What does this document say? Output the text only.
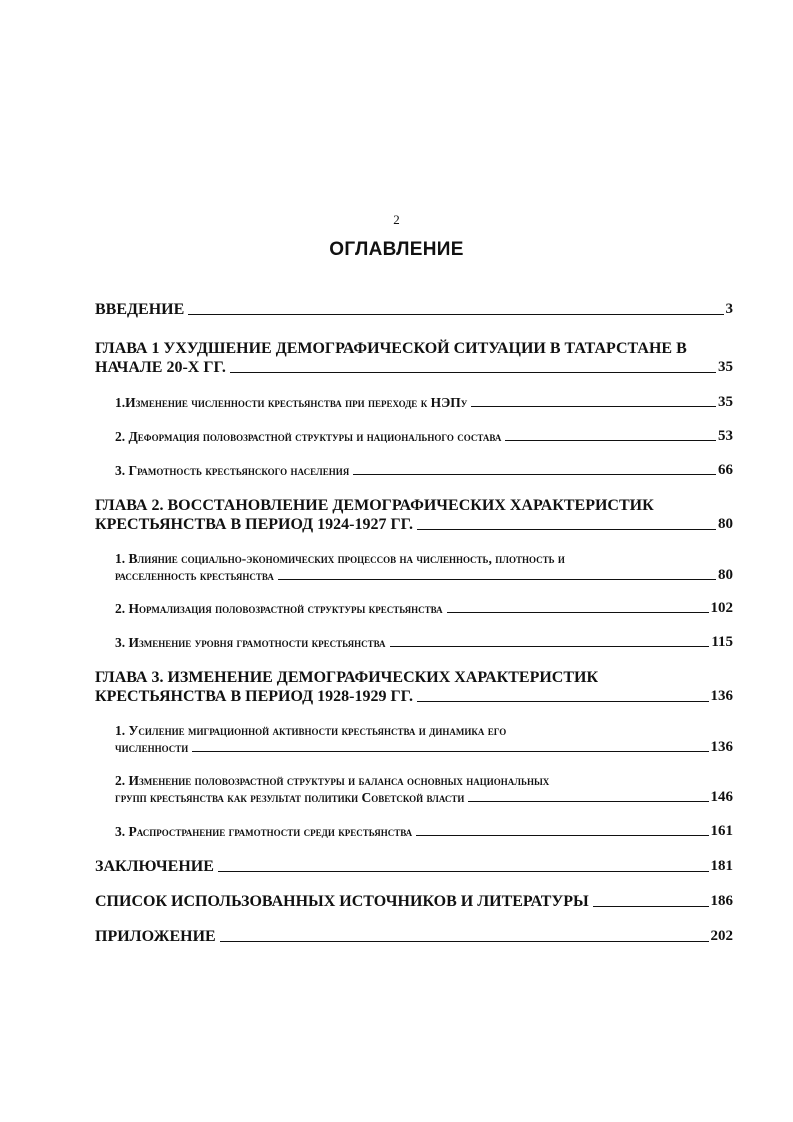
2
ОГЛАВЛЕНИЕ
ВВЕДЕНИЕ	3
ГЛАВА 1 УХУДШЕНИЕ ДЕМОГРАФИЧЕСКОЙ СИТУАЦИИ В ТАТАРСТАНЕ В
НАЧАЛЕ 20-Х ГГ.	35
1.Изменение численности крестьянства при переходе к НЭПу	35
2. Деформация половозрастной структуры и национального состава	53
3. Грамотность крестьянского населения	66
ГЛАВА 2. ВОССТАНОВЛЕНИЕ ДЕМОГРАФИЧЕСКИХ ХАРАКТЕРИСТИК
КРЕСТЬЯНСТВА В ПЕРИОД 1924-1927 ГГ.	80
1. Влияние социально-экономических процессов на численность, плотность и
расселенность крестьянства	80
2. Нормализация половозрастной структуры крестьянства	102
3. Изменение уровня грамотности крестьянства	115
ГЛАВА 3. ИЗМЕНЕНИЕ ДЕМОГРАФИЧЕСКИХ ХАРАКТЕРИСТИК
КРЕСТЬЯНСТВА В ПЕРИОД 1928-1929 ГГ.	136
1. Усиление миграционной активности крестьянства и динамика его
численности	136
2. Изменение половозрастной структуры и баланса основных национальных
групп крестьянства как результат политики Советской власти	146
3. Распространение грамотности среди крестьянства	161
ЗАКЛЮЧЕНИЕ	181
СПИСОК ИСПОЛЬЗОВАННЫХ ИСТОЧНИКОВ И ЛИТЕРАТУРЫ	186
ПРИЛОЖЕНИЕ	202
